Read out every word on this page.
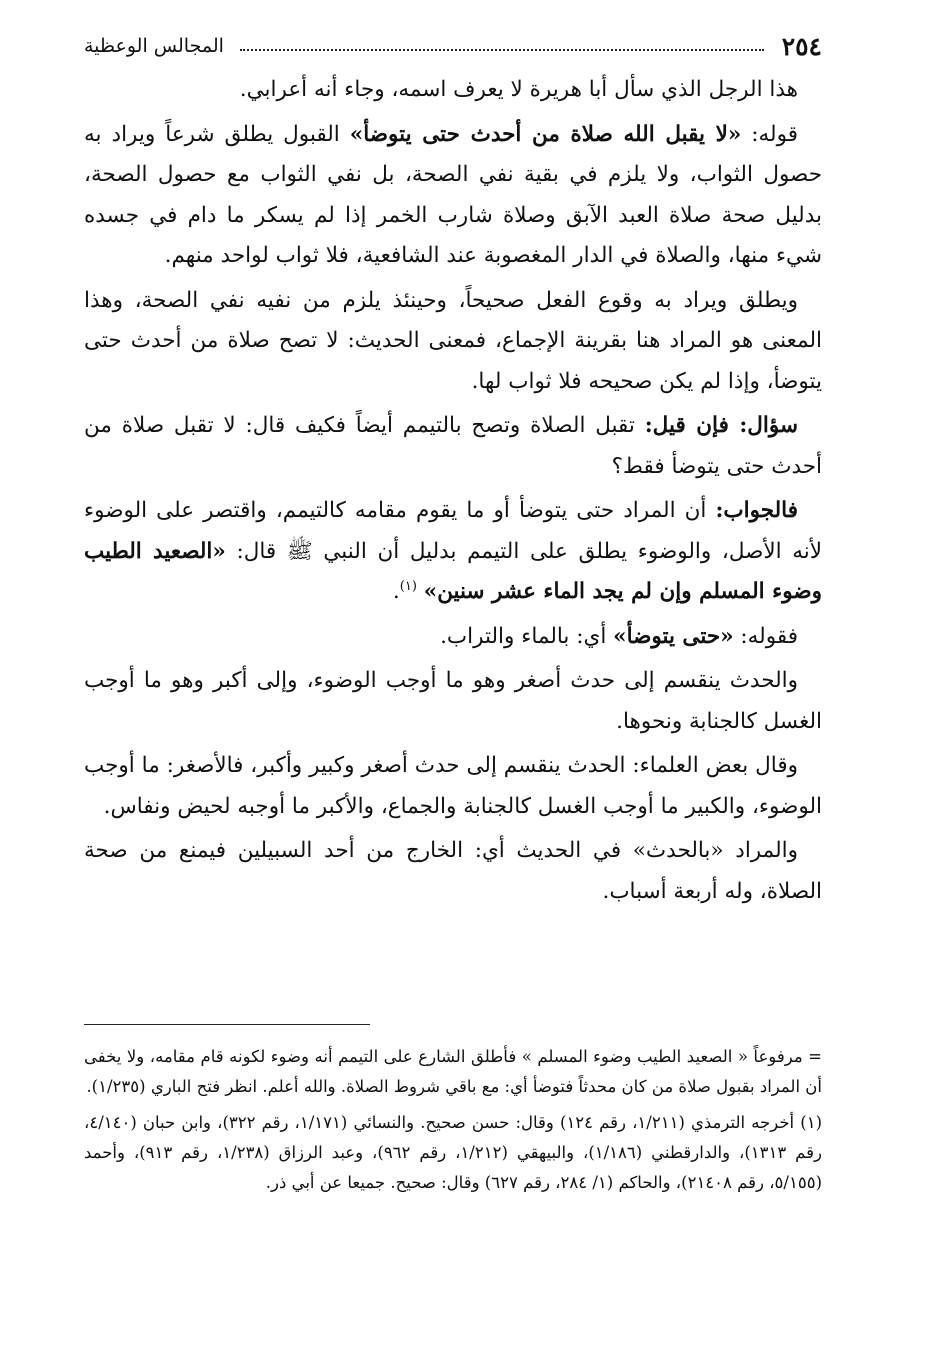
٢٥٤
المجالس الوعظية

هذا الرجل الذي سأل أبا هريرة لا يعرف اسمه، وجاء أنه أعرابي.

قوله: «لا يقبل الله صلاة من أحدث حتى يتوضأ» القبول يطلق شرعاً ويراد به حصول الثواب، ولا يلزم في بقية نفي الصحة، بل نفي الثواب مع حصول الصحة، بدليل صحة صلاة العبد الآبق وصلاة شارب الخمر إذا لم يسكر ما دام في جسده شيء منها، والصلاة في الدار المغصوبة عند الشافعية، فلا ثواب لواحد منهم.

ويطلق ويراد به وقوع الفعل صحيحاً، وحينئذ يلزم من نفيه نفي الصحة، وهذا المعنى هو المراد هنا بقرينة الإجماع، فمعنى الحديث: لا تصح صلاة من أحدث حتى يتوضأ، وإذا لم يكن صحيحه فلا ثواب لها.

سؤال: فإن قيل: تقبل الصلاة وتصح بالتيمم أيضاً فكيف قال: لا تقبل صلاة من أحدث حتى يتوضأ فقط؟

فالجواب: أن المراد حتى يتوضأ أو ما يقوم مقامه كالتيمم، واقتصر على الوضوء لأنه الأصل، والوضوء يطلق على التيمم بدليل أن النبي ﷺ قال: «الصعيد الطيب وضوء المسلم وإن لم يجد الماء عشر سنين» $^{(١)}$.

فقوله: «حتى يتوضأ» أي: بالماء والتراب.

والحدث ينقسم إلى حدث أصغر وهو ما أوجب الوضوء، وإلى أكبر وهو ما أوجب الغسل كالجنابة ونحوها.

وقال بعض العلماء: الحدث ينقسم إلى حدث أصغر وكبير وأكبر، فالأصغر: ما أوجب الوضوء، والكبير ما أوجب الغسل كالجنابة والجماع، والأكبر ما أوجبه لحيض ونفاس.

والمراد «بالحدث» في الحديث أي: الخارج من أحد السبيلين فيمنع من صحة الصلاة، وله أربعة أسباب.

= مرفوعاً « الصعيد الطيب وضوء المسلم » فأطلق الشارع على التيمم أنه وضوء لكونه قام مقامه، ولا يخفى أن المراد بقبول صلاة من كان محدثاً فتوضأ أي: مع باقي شروط الصلاة. والله أعلم. انظر فتح الباري (١/٢٣٥).

(١) أخرجه الترمذي (١/٢١١، رقم ١٢٤) وقال: حسن صحيح. والنسائي (١/١٧١، رقم ٣٢٢)، وابن حبان (٤/١٤٠، رقم ١٣١٣)، والدارقطني (١/١٨٦)، والبيهقي (١/٢١٢، رقم ٩٦٢)، وعبد الرزاق (١/٢٣٨، رقم ٩١٣)، وأحمد (٥/١٥٥، رقم ٢١٤٠٨)، والحاكم (١/ ٢٨٤، رقم ٦٢٧) وقال: صحيح. جميعا عن أبي ذر.
